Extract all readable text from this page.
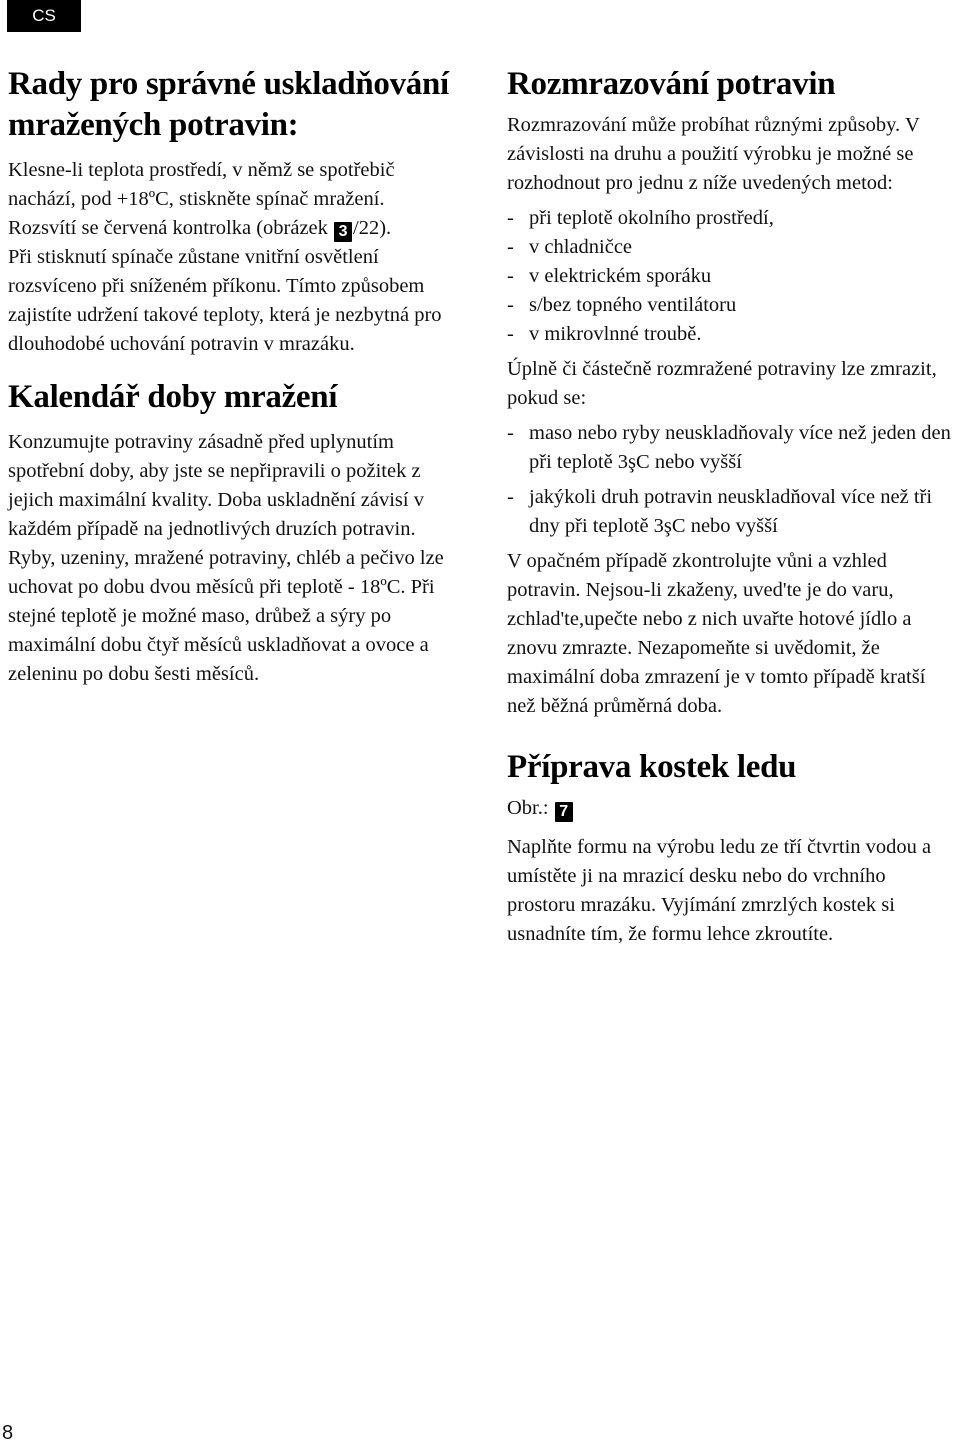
CS
Rady pro správné uskladňování mražených potravin:

Klesne-li teplota prostředí, v němž se spotřebič nachází, pod +18ºC, stiskněte spínač mražení. Rozsvítí se červená kontrolka (obrázek 3 /22).

Při stisknutí spínače zůstane vnitřní osvětlení rozsvíceno při sníženém příkonu. Tímto způsobem zajistíte udržení takové teploty, která je nezbytná pro dlouhodobé uchování potravin v mrazáku.

Kalendář doby mražení

Konzumujte potraviny zásadně před uplynutím spotřební doby, aby jste se nepřipravili o požitek z jejich maximální kvality. Doba uskladnění závisí v každém případě na jednotlivých druzích potravin. Ryby, uzeniny, mražené potraviny, chléb a pečivo lze uchovat po dobu dvou měsíců při teplotě - 18ºC. Při stejné teplotě je možné maso, drůbež a sýry po maximální dobu čtyř měsíců uskladňovat a ovoce a zeleninu po dobu šesti měsíců.

Rozmrazování potravin

Rozmrazování může probíhat různými způsoby. V závislosti na druhu a použití výrobku je možné se rozhodnout pro jednu z níže uvedených metod:

- při teplotě okolního prostředí,
- v chladničce
- v elektrickém sporáku
- s/bez topného ventilátoru
- v mikrovlnné troubě.

Úplně či částečně rozmražené potraviny lze zmrazit, pokud se:

- maso nebo ryby neuskladňovaly více než jeden den při teplotě 3şC nebo vyšší
- jakýkoli druh potravin neuskladňoval více než tři dny při teplotě 3şC nebo vyšší

V opačném případě zkontrolujte vůni a vzhled potravin. Nejsou-li zkaženy, uved'te je do varu, zchlad'te,upečte nebo z nich uvařte hotové jídlo a znovu zmrazte. Nezapomeňte si uvědomit, že maximální doba zmrazení je v tomto případě kratší než běžná průměrná doba.

Příprava kostek ledu

Obr.: 7

Naplňte formu na výrobu ledu ze tří čtvrtin vodou a umístěte ji na mrazicí desku nebo do vrchního prostoru mrazáku. Vyjímání zmrzlých kostek si usnadníte tím, že formu lehce zkroutíte.

8
